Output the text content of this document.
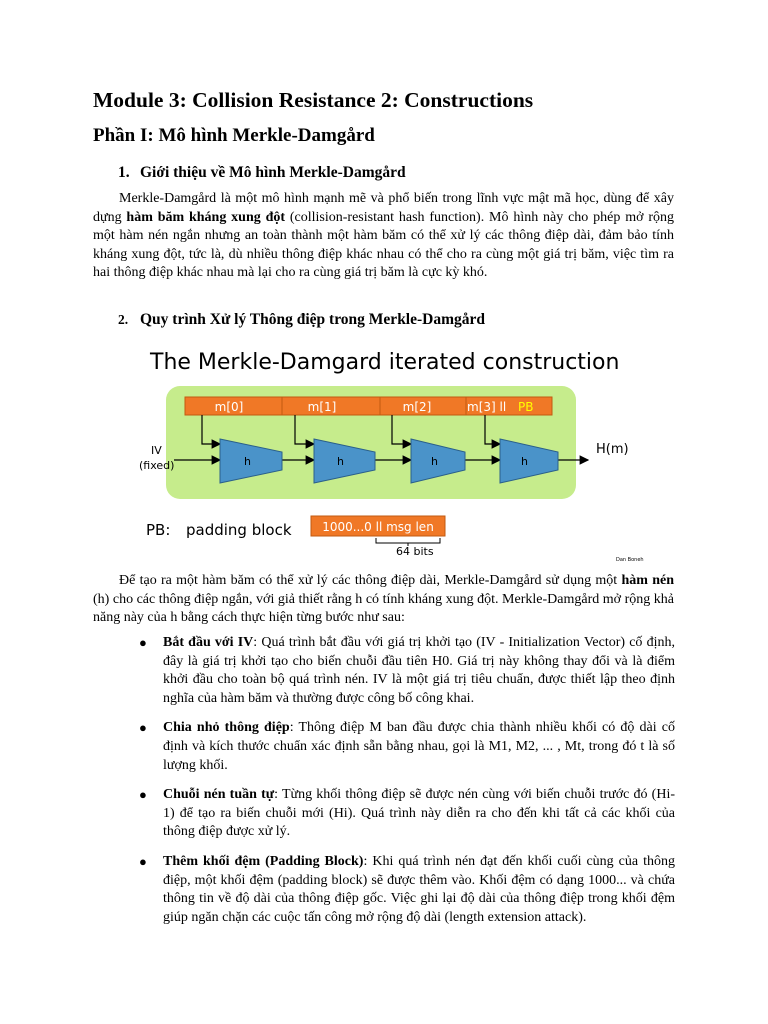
Module 3: Collision Resistance 2: Constructions
Phần I: Mô hình Merkle-Damgård
1. Giới thiệu về Mô hình Merkle-Damgård

Merkle-Damgård là một mô hình mạnh mẽ và phổ biến trong lĩnh vực mật mã học, dùng để xây dựng hàm băm kháng xung đột (collision-resistant hash function). Mô hình này cho phép mở rộng một hàm nén ngắn nhưng an toàn thành một hàm băm có thể xử lý các thông điệp dài, đảm bảo tính kháng xung đột, tức là, dù nhiều thông điệp khác nhau có thể cho ra cùng một giá trị băm, việc tìm ra hai thông điệp khác nhau mà lại cho ra cùng giá trị băm là cực kỳ khó.

2. Quy trình Xử lý Thông điệp trong Merkle-Damgård
The Merkle-Damgard iterated construction
m[0]	m[1]	m[2]	m[3] ll PB
h	h	h	h
IV
(fixed)
H(m)
PB: padding block	1000...0 ll msg len
64 bits
Dan Boneh

Để tạo ra một hàm băm có thể xử lý các thông điệp dài, Merkle-Damgård sử dụng một hàm nén (h) cho các thông điệp ngắn, với giả thiết rằng h có tính kháng xung đột. Merkle-Damgård mở rộng khả năng này của h bằng cách thực hiện từng bước như sau:

● Bắt đầu với IV: Quá trình bắt đầu với giá trị khởi tạo (IV - Initialization Vector) cố định, đây là giá trị khởi tạo cho biến chuỗi đầu tiên H0. Giá trị này không thay đổi và là điểm khởi đầu cho toàn bộ quá trình nén. IV là một giá trị tiêu chuẩn, được thiết lập theo định nghĩa của hàm băm và thường được công bố công khai.
● Chia nhỏ thông điệp: Thông điệp M ban đầu được chia thành nhiều khối có độ dài cố định và kích thước chuẩn xác định sẵn bằng nhau, gọi là M1, M2, ... , Mt, trong đó t là số lượng khối.
● Chuỗi nén tuần tự: Từng khối thông điệp sẽ được nén cùng với biến chuỗi trước đó (Hi-1) để tạo ra biến chuỗi mới (Hi). Quá trình này diễn ra cho đến khi tất cả các khối của thông điệp được xử lý.
● Thêm khối đệm (Padding Block): Khi quá trình nén đạt đến khối cuối cùng của thông điệp, một khối đệm (padding block) sẽ được thêm vào. Khối đệm có dạng 1000... và chứa thông tin về độ dài của thông điệp gốc. Việc ghi lại độ dài của thông điệp trong khối đệm giúp ngăn chặn các cuộc tấn công mở rộng độ dài (length extension attack).
